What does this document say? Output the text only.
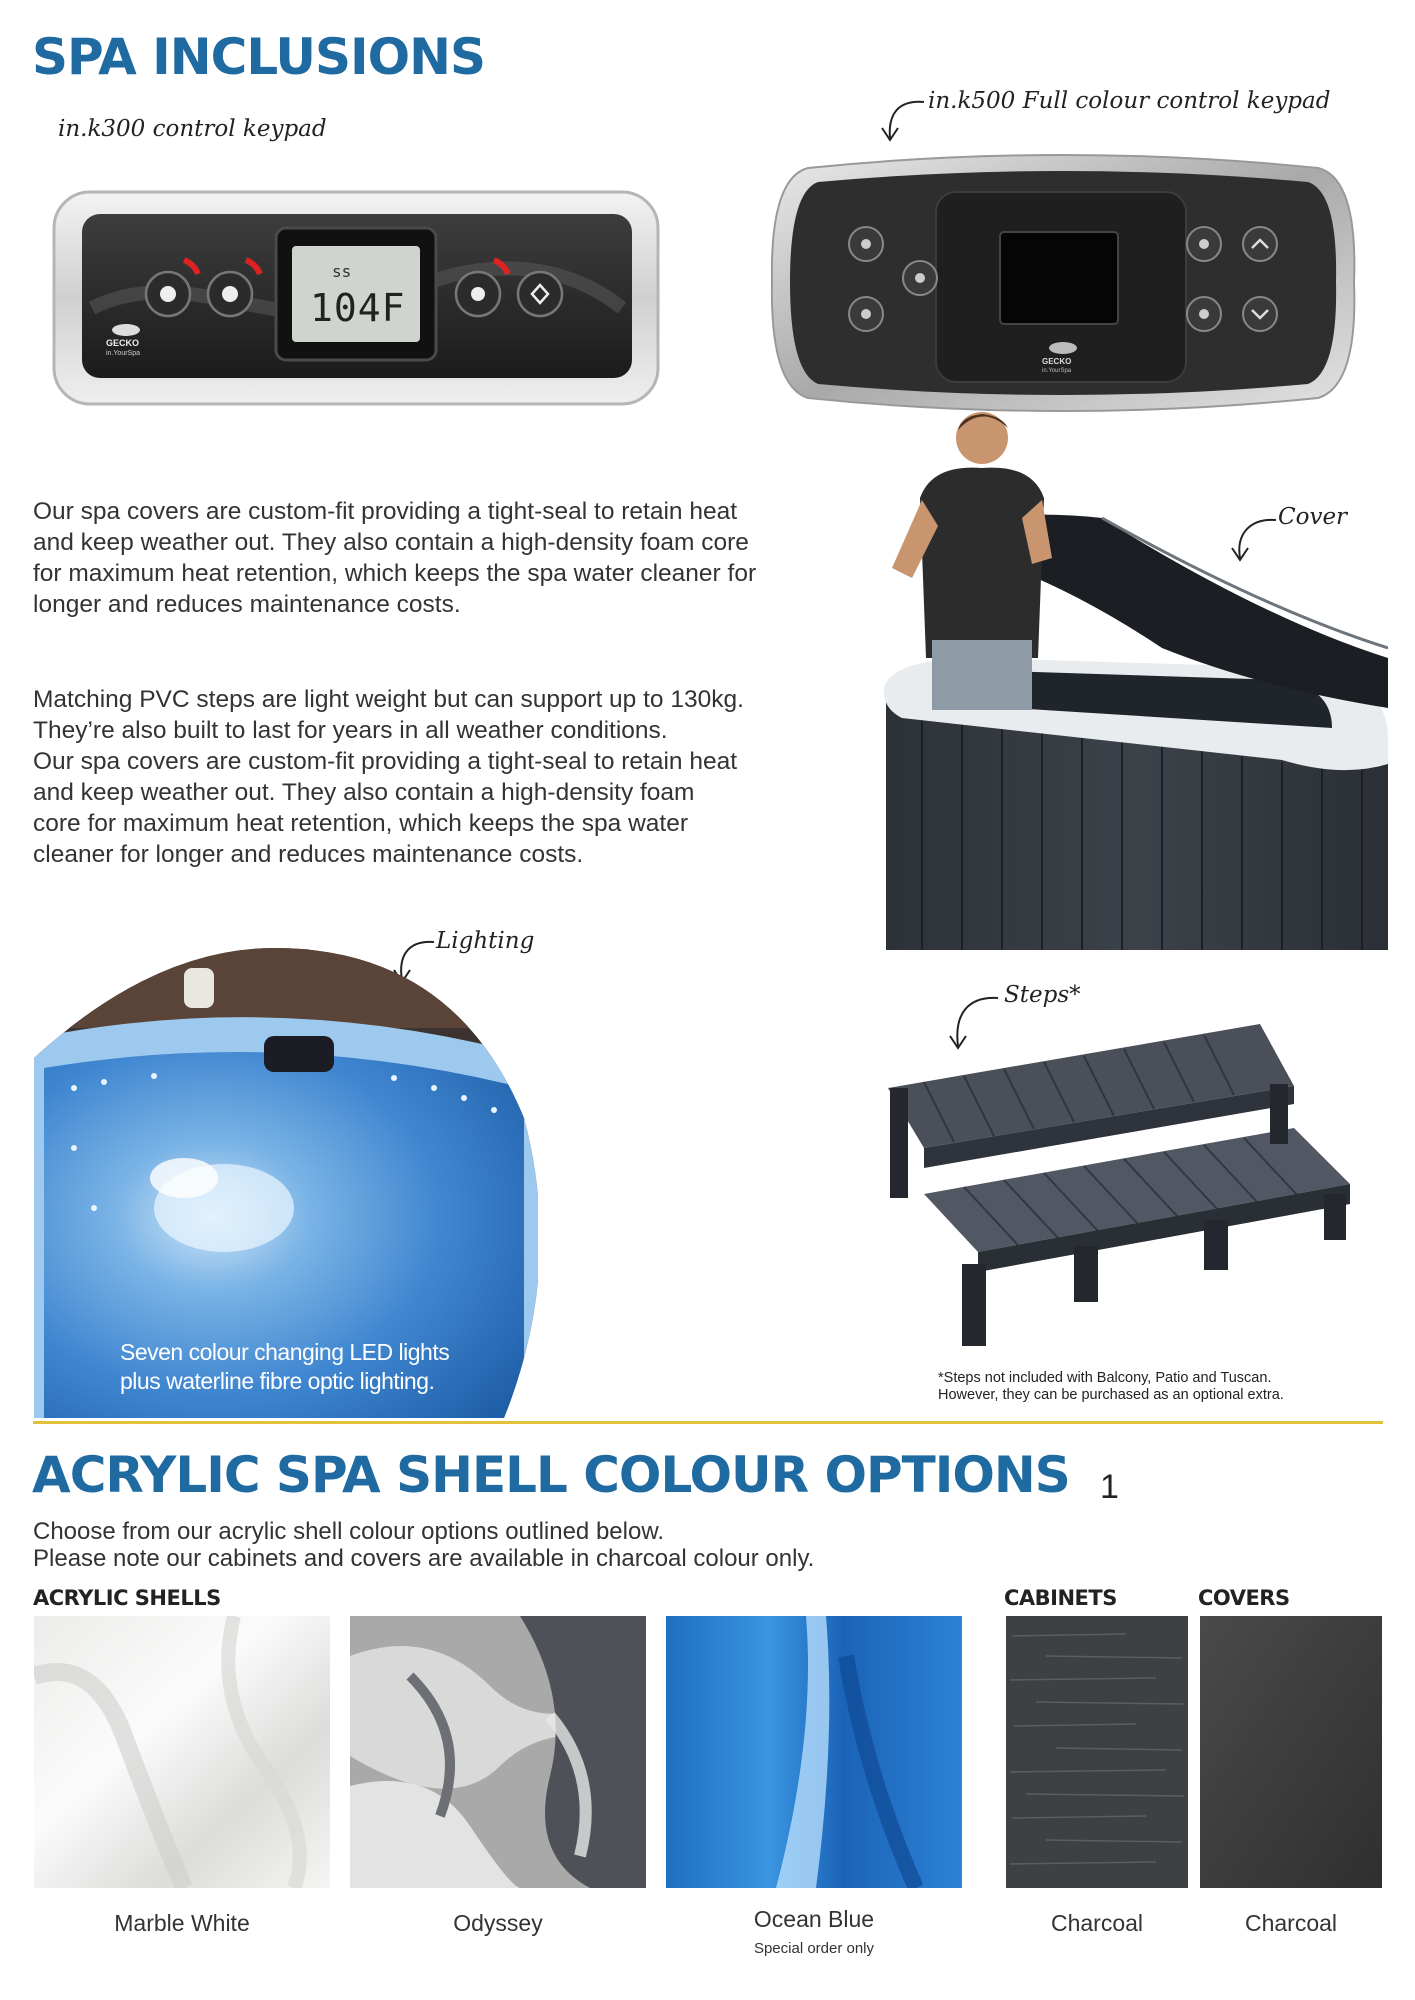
SPA INCLUSIONS
in.k300 control keypad
ss
104F
GECKO
in.YourSpa
in.k500 Full colour control keypad
GECKO
in.YourSpa
Our spa covers are custom-fit providing a tight-seal to retain heat and keep weather out. They also contain a high-density foam core for maximum heat retention, which keeps the spa water cleaner for longer and reduces maintenance costs.
Matching PVC steps are light weight but can support up to 130kg.
They’re also built to last for years in all weather conditions.
Our spa covers are custom-fit providing a tight-seal to retain heat
and keep weather out. They also contain a high-density foam
core for maximum heat retention, which keeps the spa water
cleaner for longer and reduces maintenance costs.
Cover
Lighting
Seven colour changing LED lights
plus waterline fibre optic lighting.
Steps*
*Steps not included with Balcony, Patio and Tuscan.
However, they can be purchased as an optional extra.
ACRYLIC SPA SHELL COLOUR OPTIONS 1
Choose from our acrylic shell colour options outlined below.
Please note our cabinets and covers are available in charcoal colour only.
ACRYLIC SHELLS	CABINETS	COVERS
Marble White	Odyssey	Ocean Blue
Special order only
Charcoal	Charcoal
